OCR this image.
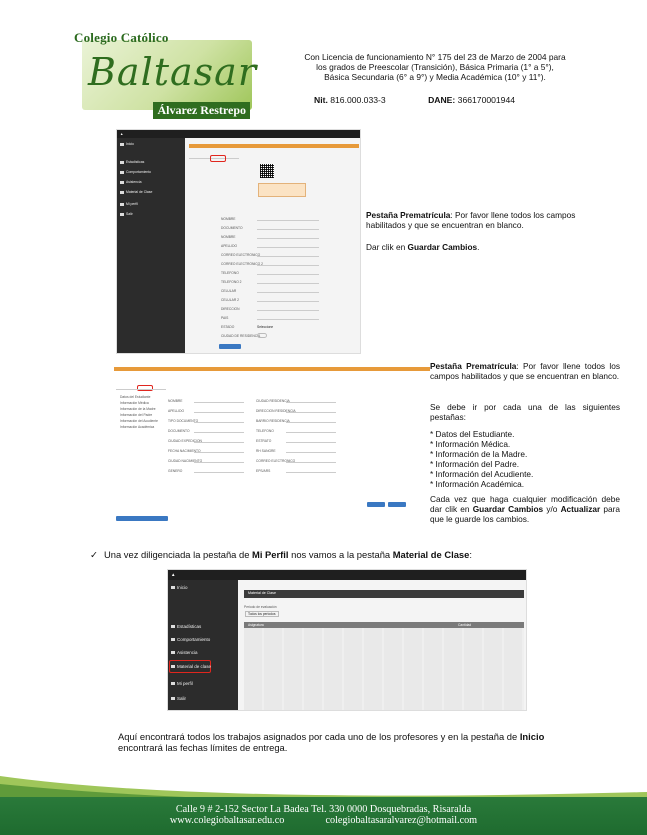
Colegio Católico
Baltasar
Álvarez Restrepo
Con Licencia de funcionamiento N° 175 del 23 de Marzo de 2004 para
los grados de Preescolar (Transición), Básica Primaria (1° a 5°),
Básica Secundaria (6° a 9°) y Media Académica (10° y 11°).
Nit. 816.000.033-3	DANE: 366170001944
▲
Inicio
Estadísticas
Comportamiento
Asistencia
Material de Clase
Mi perfil
Salir
NOMBRE
DOCUMENTO
NOMBRE
APELLIDO
CORREO ELECTRONICO
CORREO ELECTRONICO 2
TELEFONO
TELEFONO 2
CELULAR
CELULAR 2
DIRECCION
PAIS
ESTADO	Seleccione
CIUDAD DE RESIDENCIA
Pestaña Prematrícula: Por favor llene todos los campos habilitados y que se encuentran en blanco.
Dar clik en Guardar Cambios.
Datos del Estudiante
Información Médica
Información de la Madre
Información del Padre
Información del Acudiente
Información Académica
NOMBRE
APELLIDO
TIPO DOCUMENTO
DOCUMENTO
CIUDAD EXPEDICION
FECHA NACIMIENTO
CIUDAD NACIMIENTO
GENERO
CIUDAD RESIDENCIA
DIRECCION RESIDENCIA
BARRIO RESIDENCIA
TELEFONO
ESTRATO
RH SANGRE
CORREO ELECTRONICO
EPS/ARS
Pestaña Prematrícula: Por favor llene todos los campos habilitados y que se encuentran en blanco.
Se debe ir por cada una de las siguientes pestañas:
* Datos del Estudiante.
* Información Médica.
* Información de la Madre.
* Información del Padre.
* Información del Acudiente.
* Información Académica.
Cada vez que haga cualquier modificación debe dar clik en Guardar Cambios y/o Actualizar para que le guarde los cambios.
✓ Una vez diligenciada la pestaña de Mi Perfil nos vamos a la pestaña Material de Clase:
▲
Inicio
Estadísticas
Comportamiento
Asistencia
Material de clase
Mi perfil
Salir
Material de Clase
Periodo de evaluación
Todos los periodos
Asignatura	Cantidad
Aquí encontrará todos los trabajos asignados por cada uno de los profesores y en la pestaña de Inicio encontrará las fechas límites de entrega.
Calle 9 # 2-152 Sector La Badea Tel. 330 0000 Dosquebradas, Risaralda
www.colegiobaltasar.edu.co	colegiobaltasaralvarez@hotmail.com
